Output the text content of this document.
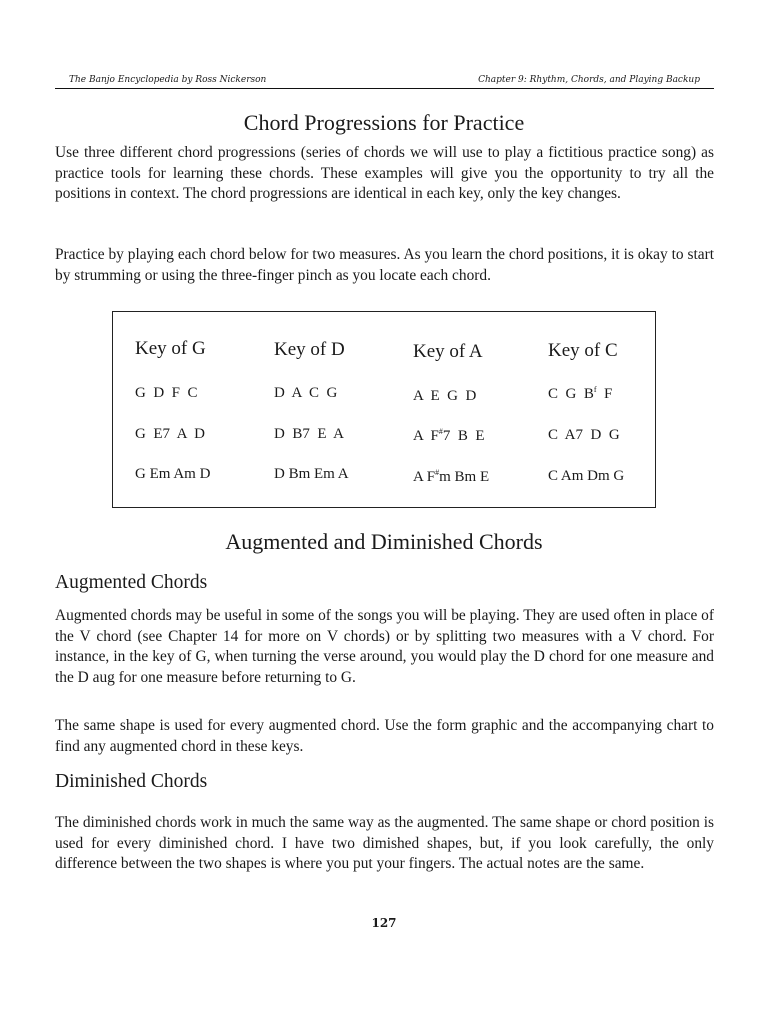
The Banjo Encyclopedia by Ross Nickerson	Chapter 9: Rhythm, Chords, and Playing Backup
Chord Progressions for Practice

Use three different chord progressions (series of chords we will use to play a fictitious practice song) as practice tools for learning these chords. These examples will give you the opportunity to try all the positions in context. The chord progressions are identical in each key, only the key changes.

Practice by playing each chord below for two measures. As you learn the chord positions, it is okay to start by strumming or using the three-finger pinch as you locate each chord.

Key of G
G  D  F  C
G  E7  A  D
G Em Am D
Key of D
D  A  C  G
D  B7  E  A
D Bm Em A
Key of A
A  E  G  D
A  F#7  B  E
A F#m Bm E
Key of C
C  G  $B^f$  F
C  A7  D  G
C Am Dm G
Augmented and Diminished Chords
Augmented Chords

Augmented chords may be useful in some of the songs you will be playing. They are used often in place of the V chord (see Chapter 14 for more on V chords) or by splitting two measures with a V chord. For instance, in the key of G, when turning the verse around, you would play the D chord for one measure and the D aug for one measure before returning to G.

The same shape is used for every augmented chord. Use the form graphic and the accompanying chart to find any augmented chord in these keys.

Diminished Chords

The diminished chords work in much the same way as the augmented. The same shape or chord position is used for every diminished chord. I have two dimished shapes, but, if you look carefully, the only difference between the two shapes is where you put your fingers. The actual notes are the same.

127
